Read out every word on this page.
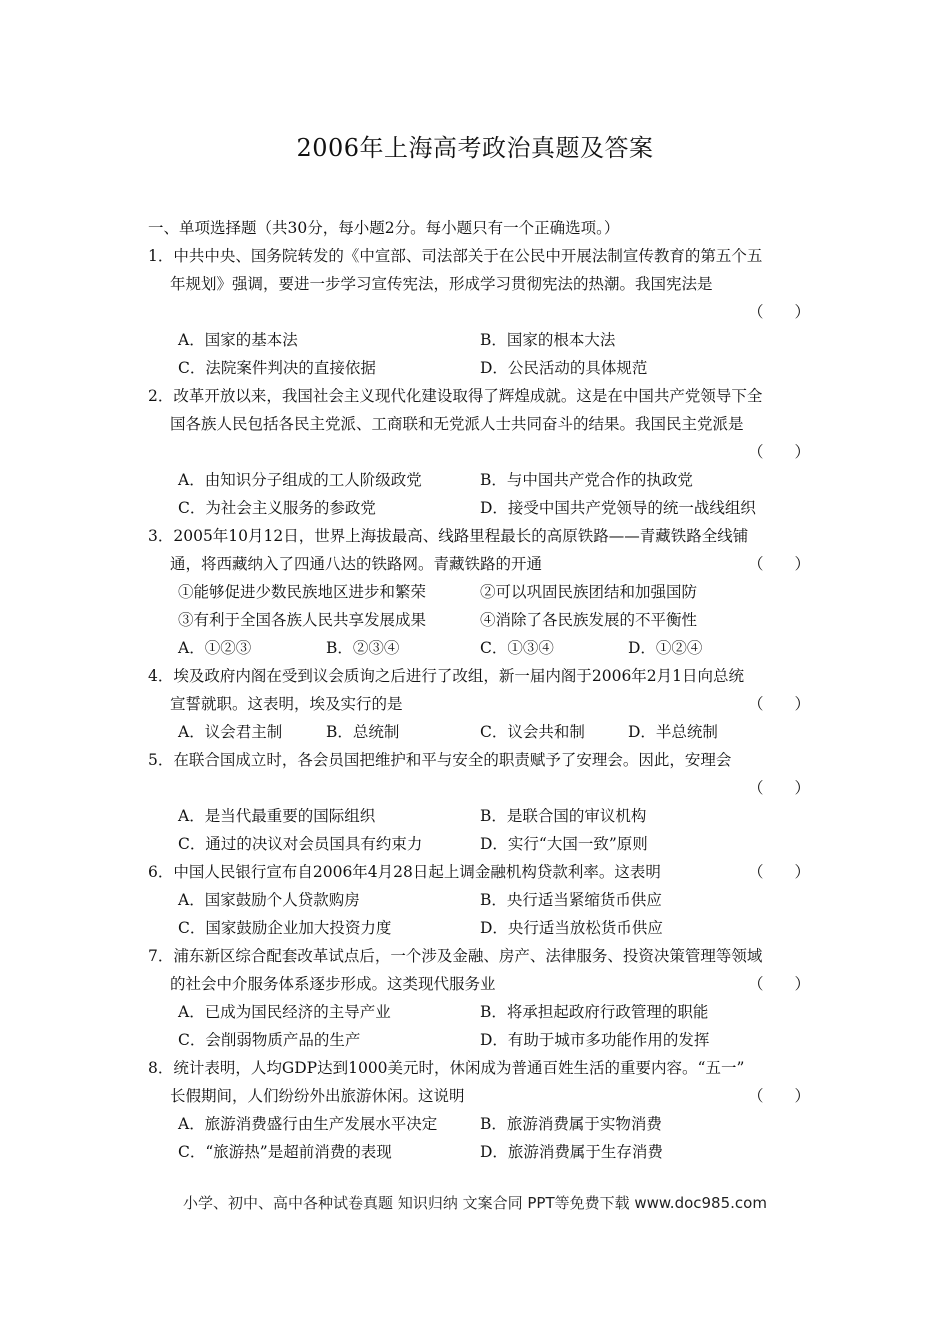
2006年上海高考政治真题及答案
一、单项选择题（共30分，每小题2分。每小题只有一个正确选项。）
1．中共中央、国务院转发的《中宣部、司法部关于在公民中开展法制宣传教育的第五个五
年规划》强调，要进一步学习宣传宪法，形成学习贯彻宪法的热潮。我国宪法是
（　　）
A．国家的基本法	B．国家的根本大法
C．法院案件判决的直接依据	D．公民活动的具体规范
2．改革开放以来，我国社会主义现代化建设取得了辉煌成就。这是在中国共产党领导下全
国各族人民包括各民主党派、工商联和无党派人士共同奋斗的结果。我国民主党派是
（　　）
A．由知识分子组成的工人阶级政党	B．与中国共产党合作的执政党
C．为社会主义服务的参政党	D．接受中国共产党领导的统一战线组织
3．2005年10月12日，世界上海拔最高、线路里程最长的高原铁路——青藏铁路全线铺
通，将西藏纳入了四通八达的铁路网。青藏铁路的开通	（　　）
①能够促进少数民族地区进步和繁荣	②可以巩固民族团结和加强国防
③有利于全国各族人民共享发展成果	④消除了各民族发展的不平衡性
A．①②③	B．②③④	C．①③④	D．①②④
4．埃及政府内阁在受到议会质询之后进行了改组，新一届内阁于2006年2月1日向总统
宣誓就职。这表明，埃及实行的是	（　　）
A．议会君主制	B．总统制	C．议会共和制	D．半总统制
5．在联合国成立时，各会员国把维护和平与安全的职责赋予了安理会。因此，安理会
（　　）
A．是当代最重要的国际组织	B．是联合国的审议机构
C．通过的决议对会员国具有约束力	D．实行“大国一致”原则
6．中国人民银行宣布自2006年4月28日起上调金融机构贷款利率。这表明	（　　）
A．国家鼓励个人贷款购房	B．央行适当紧缩货币供应
C．国家鼓励企业加大投资力度	D．央行适当放松货币供应
7．浦东新区综合配套改革试点后，一个涉及金融、房产、法律服务、投资决策管理等领域
的社会中介服务体系逐步形成。这类现代服务业	（　　）
A．已成为国民经济的主导产业	B．将承担起政府行政管理的职能
C．会削弱物质产品的生产	D．有助于城市多功能作用的发挥
8．统计表明，人均GDP达到1000美元时，休闲成为普通百姓生活的重要内容。“五一”
长假期间，人们纷纷外出旅游休闲。这说明	（　　）
A．旅游消费盛行由生产发展水平决定	B．旅游消费属于实物消费
C．“旅游热”是超前消费的表现	D．旅游消费属于生存消费
小学、初中、高中各种试卷真题 知识归纳 文案合同 PPT等免费下载 www.doc985.com
